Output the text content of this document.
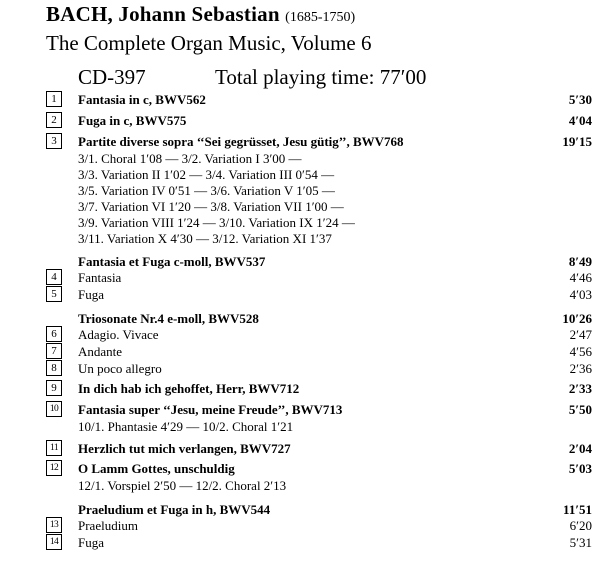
BACH, Johann Sebastian (1685-1750)
The Complete Organ Music, Volume 6
CD-397	Total playing time: 77′00
1	Fantasia in c, BWV562	5′30
2	Fuga in c, BWV575	4′04
3	Partite diverse sopra ‘‘Sei gegrüsset, Jesu gütig’’, BWV768	19′15
3/1. Choral 1′08 — 3/2. Variation I 3′00 —
3/3. Variation II 1′02 — 3/4. Variation III 0′54 —
3/5. Variation IV 0′51 — 3/6. Variation V 1′05 —
3/7. Variation VI 1′20 — 3/8. Variation VII 1′00 —
3/9. Variation VIII 1′24 — 3/10. Variation IX 1′24 —
3/11. Variation X 4′30 — 3/12. Variation XI 1′37
Fantasia et Fuga c-moll, BWV537	8′49
4	Fantasia	4′46
5	Fuga	4′03
Triosonate Nr.4 e-moll, BWV528	10′26
6	Adagio. Vivace	2′47
7	Andante	4′56
8	Un poco allegro	2′36
9	In dich hab ich gehoffet, Herr, BWV712	2′33
10 Fantasia super ‘‘Jesu, meine Freude’’, BWV713	5′50
10/1. Phantasie 4′29 — 10/2. Choral 1′21
11	Herzlich tut mich verlangen, BWV727	2′04
12 O Lamm Gottes, unschuldig	5′03
12/1. Vorspiel 2′50 — 12/2. Choral 2′13
Praeludium et Fuga in h, BWV544	11′51
13 Praeludium	6′20
14 Fuga	5′31
